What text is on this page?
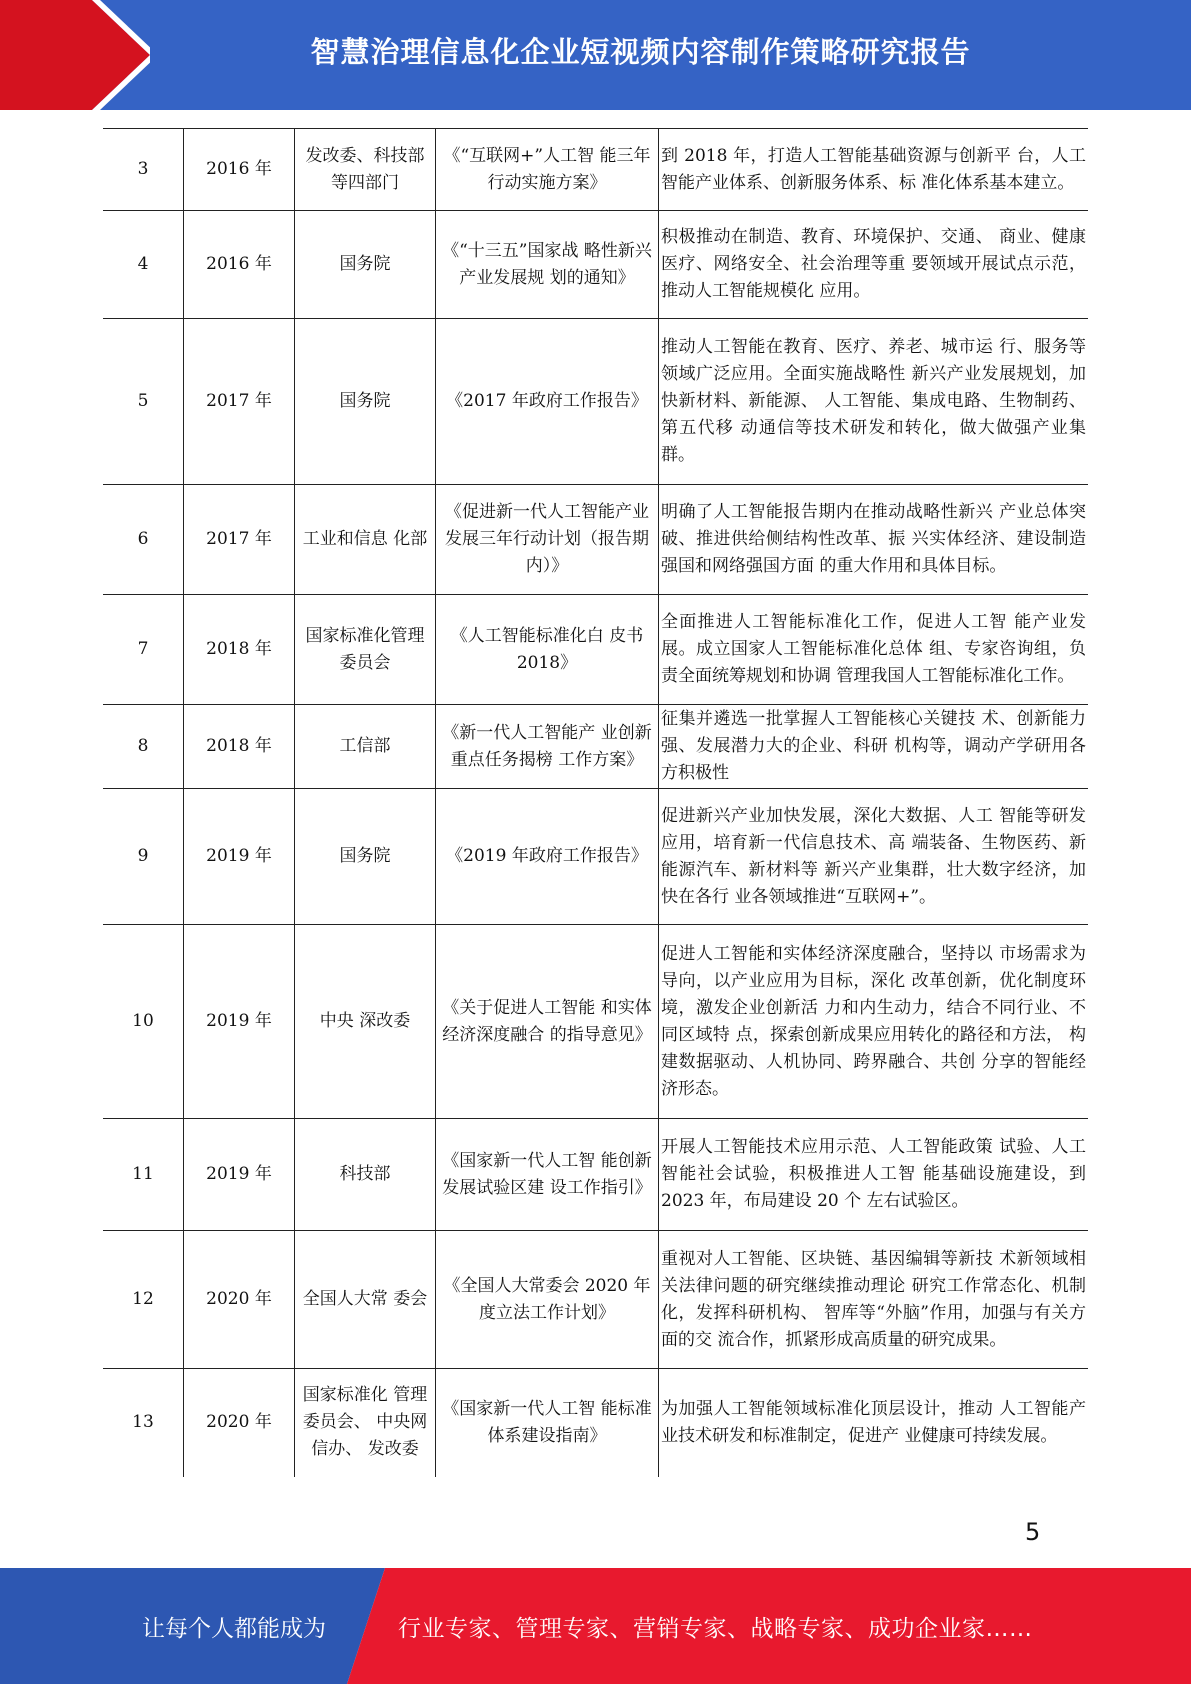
智慧治理信息化企业短视频内容制作策略研究报告
3	2016 年	发改委、科技部等四部门	《“互联网+”人工智 能三年行动实施方案》	到 2018 年，打造人工智能基础资源与创新平 台，人工智能产业体系、创新服务体系、标 准化体系基本建立。
4	2016 年	国务院	《“十三五”国家战 略性新兴产业发展规 划的通知》	积极推动在制造、教育、环境保护、交通、 商业、健康医疗、网络安全、社会治理等重 要领域开展试点示范，推动人工智能规模化 应用。
5	2017 年	国务院	《2017 年政府工作报告》	推动人工智能在教育、医疗、养老、城市运 行、服务等领域广泛应用。全面实施战略性 新兴产业发展规划，加快新材料、新能源、 人工智能、集成电路、生物制药、第五代移 动通信等技术研发和转化，做大做强产业集 群。
6	2017 年	工业和信息 化部	《促进新一代人工智能产业发展三年行动计划（报告期内）》	明确了人工智能报告期内在推动战略性新兴 产业总体突破、推进供给侧结构性改革、振 兴实体经济、建设制造强国和网络强国方面 的重大作用和具体目标。
7	2018 年	国家标准化管理委员会	《人工智能标准化白 皮书 2018》	全面推进人工智能标准化工作，促进人工智 能产业发展。成立国家人工智能标准化总体 组、专家咨询组，负责全面统筹规划和协调 管理我国人工智能标准化工作。
8	2018 年	工信部	《新一代人工智能产 业创新重点任务揭榜 工作方案》	征集并遴选一批掌握人工智能核心关键技 术、创新能力强、发展潜力大的企业、科研 机构等，调动产学研用各方积极性
9	2019 年	国务院	《2019 年政府工作报告》	促进新兴产业加快发展，深化大数据、人工 智能等研发应用，培育新一代信息技术、高 端装备、生物医药、新能源汽车、新材料等 新兴产业集群，壮大数字经济，加快在各行 业各领域推进“互联网+”。
10	2019 年	中央 深改委	《关于促进人工智能 和实体经济深度融合 的指导意见》	促进人工智能和实体经济深度融合，坚持以 市场需求为导向，以产业应用为目标，深化 改革创新，优化制度环境，激发企业创新活 力和内生动力，结合不同行业、不同区域特 点，探索创新成果应用转化的路径和方法， 构建数据驱动、人机协同、跨界融合、共创 分享的智能经济形态。
11	2019 年	科技部	《国家新一代人工智 能创新发展试验区建 设工作指引》	开展人工智能技术应用示范、人工智能政策 试验、人工智能社会试验，积极推进人工智 能基础设施建设，到 2023 年，布局建设 20 个 左右试验区。
12	2020 年	全国人大常 委会	《全国人大常委会 2020 年度立法工作计划》	重视对人工智能、区块链、基因编辑等新技 术新领域相关法律问题的研究继续推动理论 研究工作常态化、机制化，发挥科研机构、 智库等“外脑”作用，加强与有关方面的交 流合作，抓紧形成高质量的研究成果。
13	2020 年	国家标准化 管理委员会、 中央网信办、 发改委	《国家新一代人工智 能标准体系建设指南》	为加强人工智能领域标准化顶层设计，推动 人工智能产业技术研发和标准制定，促进产 业健康可持续发展。
5
让每个人都能成为	行业专家、管理专家、营销专家、战略专家、成功企业家……
